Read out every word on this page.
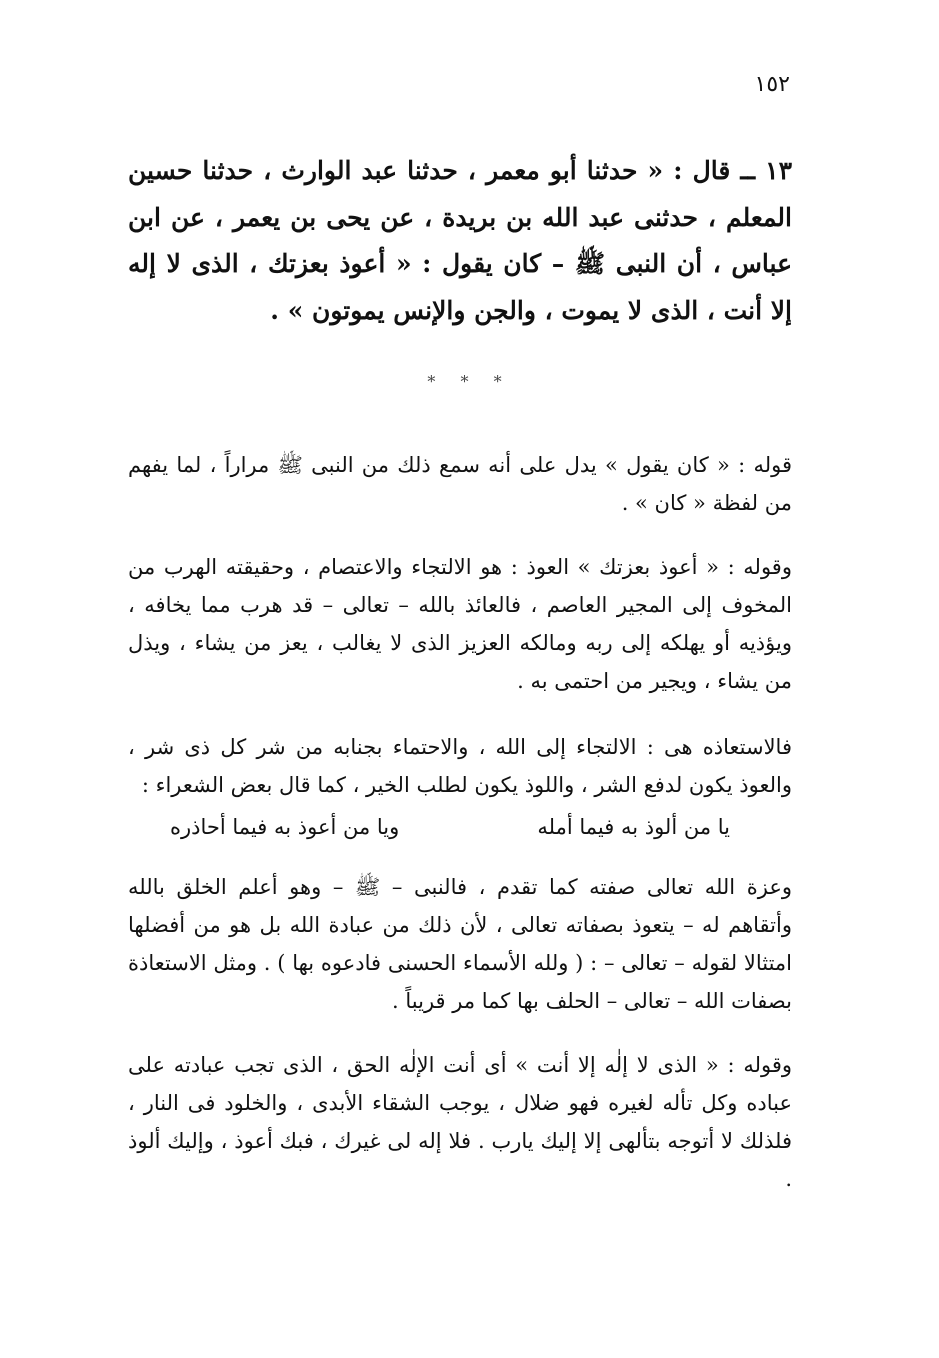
١٥٢
١٣ ــ قال : « حدثنا أبو معمر ، حدثنا عبد الوارث ، حدثنا حسين المعلم ، حدثنى عبد الله بن بريدة ، عن يحى بن يعمر ، عن ابن عباس ، أن النبى ﷺ – كان يقول : « أعوذ بعزتك ، الذى لا إله إلا أنت ، الذى لا يموت ، والجن والإنس يموتون » .
* * *

قوله : « كان يقول » يدل على أنه سمع ذلك من النبى ﷺ مراراً ، لما يفهم من لفظة « كان » .

وقوله : « أعوذ بعزتك » العوذ : هو الالتجاء والاعتصام ، وحقيقته الهرب من المخوف إلى المجير العاصم ، فالعائذ بالله – تعالى – قد هرب مما يخافه ، ويؤذيه أو يهلكه إلى ربه ومالكه العزيز الذى لا يغالب ، يعز من يشاء ، ويذل من يشاء ، ويجير من احتمى به .

فالاستعاذه هى : الالتجاء إلى الله ، والاحتماء بجنابه من شر كل ذى شر ، والعوذ يكون لدفع الشر ، واللوذ يكون لطلب الخير ، كما قال بعض الشعراء :

يا من ألوذ به فيما أمله
ويا من أعوذ به فيما أحاذره

وعزة الله تعالى صفته كما تقدم ، فالنبى – ﷺ – وهو أعلم الخلق بالله وأتقاهم له – يتعوذ بصفاته تعالى ، لأن ذلك من عبادة الله بل هو من أفضلها امتثالا لقوله – تعالى – : ( ولله الأسماء الحسنى فادعوه بها ) . ومثل الاستعاذة بصفات الله – تعالى – الحلف بها كما مر قريباً .

وقوله : « الذى لا إلٰه إلا أنت » أى أنت الإلٰه الحق ، الذى تجب عبادته على عباده وكل تأله لغيره فهو ضلال ، يوجب الشقاء الأبدى ، والخلود فى النار ، فلذلك لا أتوجه بتألهى إلا إليك يارب . فلا إله لى غيرك ، فبك أعوذ ، وإليك ألوذ .
